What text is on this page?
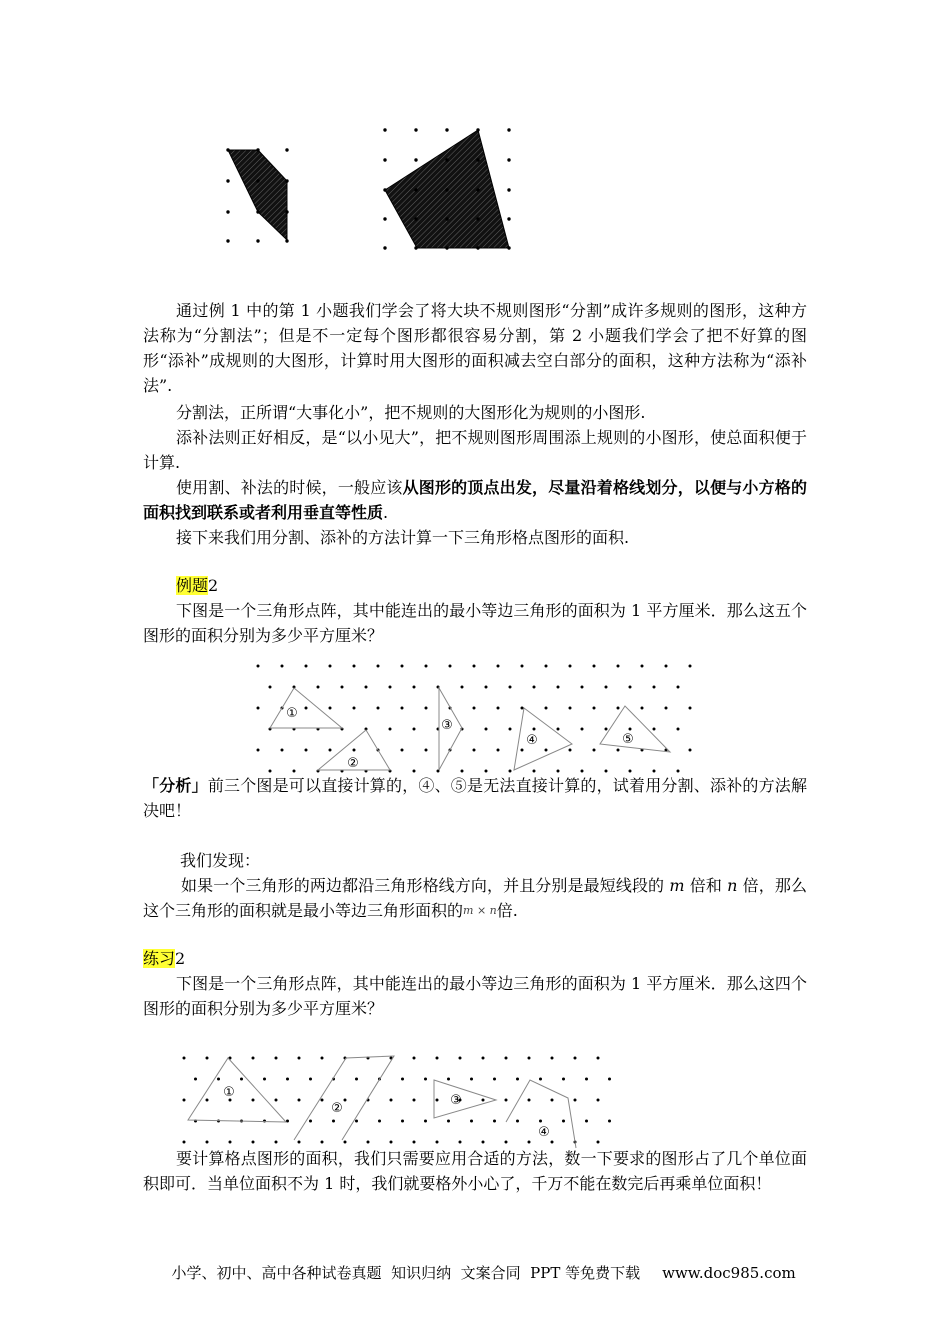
①
②
③
④	⑤
①
②
③
④

通过例 1 中的第 1 小题我们学会了将大块不规则图形“分割”成许多规则的图形，这种方法称为“分割法”；但是不一定每个图形都很容易分割，第 2 小题我们学会了把不好算的图形“添补”成规则的大图形，计算时用大图形的面积减去空白部分的面积，这种方法称为“添补法”.

分割法，正所谓“大事化小”，把不规则的大图形化为规则的小图形.

添补法则正好相反，是“以小见大”，把不规则图形周围添上规则的小图形，使总面积便于计算.

使用割、补法的时候，一般应该从图形的顶点出发，尽量沿着格线划分，以便与小方格的面积找到联系或者利用垂直等性质.

接下来我们用分割、添补的方法计算一下三角形格点图形的面积.

例题2

下图是一个三角形点阵，其中能连出的最小等边三角形的面积为 1 平方厘米．那么这五个图形的面积分别为多少平方厘米？

「分析」前三个图是可以直接计算的，④、⑤是无法直接计算的，试着用分割、添补的方法解决吧！

我们发现：

如果一个三角形的两边都沿三角形格线方向，并且分别是最短线段的 m 倍和 n 倍，那么这个三角形的面积就是最小等边三角形面积的m × n倍.

练习2

下图是一个三角形点阵，其中能连出的最小等边三角形的面积为 1 平方厘米．那么这四个图形的面积分别为多少平方厘米？

要计算格点图形的面积，我们只需要应用合适的方法，数一下要求的图形占了几个单位面积即可．当单位面积不为 1 时，我们就要格外小心了，千万不能在数完后再乘单位面积！

小学、初中、高中各种试卷真题  知识归纳  文案合同  PPT 等免费下载 www.doc985.com
